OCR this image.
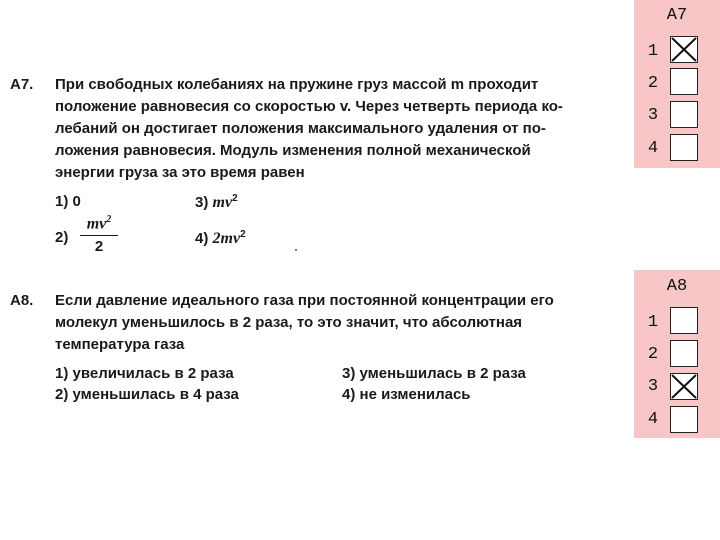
A7. При свободных колебаниях на пружине груз массой m проходит
положение равновесия со скоростью v. Через четверть периода ко-
лебаний он достигает положения максимального удаления от по-
ложения равновесия. Модуль изменения полной механической
энергии груза за это время равен
1) 0	3) $mv^2$
2)
$mv^2$
2	4) $2mv^2$
A8. Если давление идеального газа при постоянной концентрации его
молекул уменьшилось в 2 раза, то это значит, что абсолютная
температура газа
1) увеличилась в 2 раза
2) уменьшилась в 4 раза
3) уменьшилась в 2 раза
4) не изменилась
A7
1
2
3
4
A8
1
2
3
4
